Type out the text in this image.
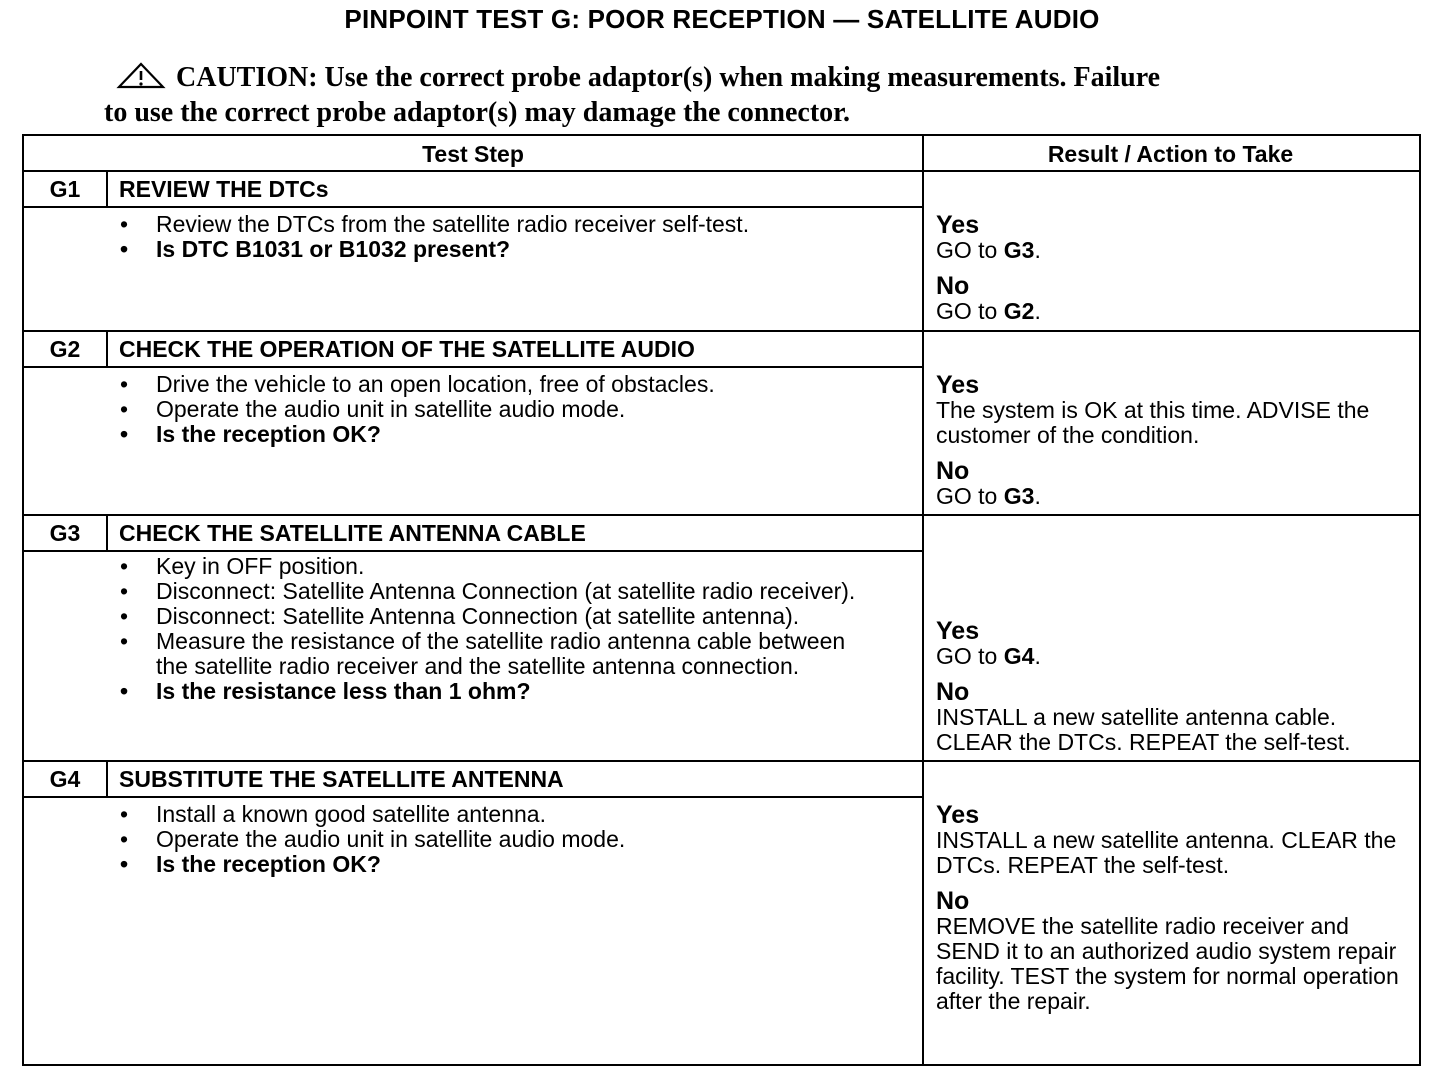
PINPOINT TEST G: POOR RECEPTION — SATELLITE AUDIO
CAUTION: Use the correct probe adaptor(s) when making measurements. Failure
to use the correct probe adaptor(s) may damage the connector.
Test Step	Result / Action to Take
G1	REVIEW THE DTCs
• Review the DTCs from the satellite radio receiver self-test.
• Is DTC B1031 or B1032 present?
Yes
GO to G3.
No
GO to G2.
G2	CHECK THE OPERATION OF THE SATELLITE AUDIO
• Drive the vehicle to an open location, free of obstacles.
• Operate the audio unit in satellite audio mode.
• Is the reception OK?
Yes
The system is OK at this time. ADVISE the customer of the condition.
No
GO to G3.
G3	CHECK THE SATELLITE ANTENNA CABLE
• Key in OFF position.
• Disconnect: Satellite Antenna Connection (at satellite radio receiver).
• Disconnect: Satellite Antenna Connection (at satellite antenna).
• Measure the resistance of the satellite radio antenna cable between the satellite radio receiver and the satellite antenna connection.
• Is the resistance less than 1 ohm?
Yes
GO to G4.
No
INSTALL a new satellite antenna cable. CLEAR the DTCs. REPEAT the self-test.
G4	SUBSTITUTE THE SATELLITE ANTENNA
• Install a known good satellite antenna.
• Operate the audio unit in satellite audio mode.
• Is the reception OK?
Yes
INSTALL a new satellite antenna. CLEAR the DTCs. REPEAT the self-test.
No
REMOVE the satellite radio receiver and SEND it to an authorized audio system repair facility. TEST the system for normal operation after the repair.
